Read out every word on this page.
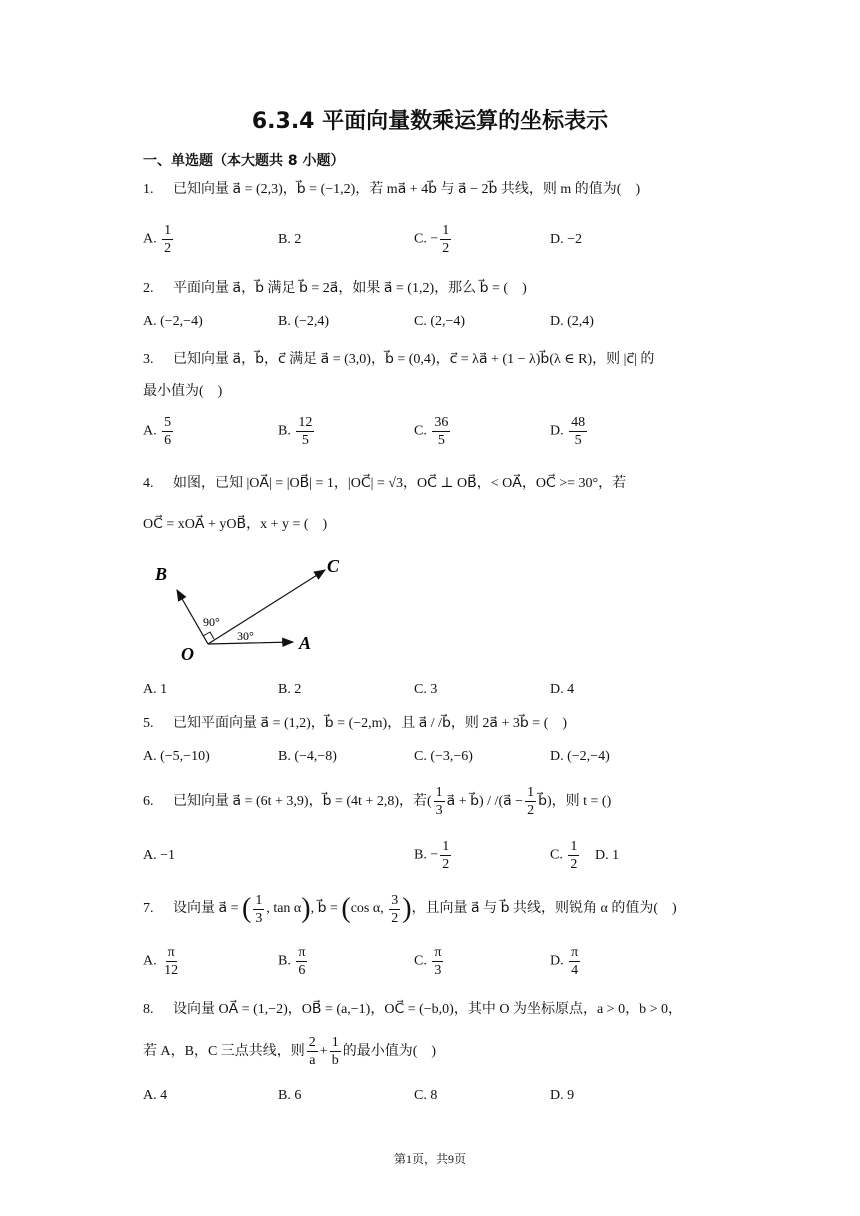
6.3.4 平面向量数乘运算的坐标表示
一、单选题（本大题共 8 小题）
1. 已知向量 a⃗ = (2,3)，b⃗ = (−1,2)，若 ma⃗ + 4b⃗ 与 a⃗ − 2b⃗ 共线，则 m 的值为(　)
A. $\frac{1}{2}$	B. 2	C. − $\frac{1}{2}$	D. −2
2. 平面向量 a⃗，b⃗ 满足 b⃗ = 2a⃗，如果 a⃗ = (1,2)，那么 b⃗ = (　)
A. (−2,−4)	B. (−2,4)	C. (2,−4)	D. (2,4)
3. 已知向量 a⃗，b⃗，c⃗ 满足 a⃗ = (3,0)，b⃗ = (0,4)，c⃗ = λa⃗ + (1 − λ)b⃗(λ ∈ R)，则 |c⃗| 的
最小值为(　)
A. $\frac{5}{6}$	B. $\frac{12}{5}$	C. $\frac{36}{5}$	D. $\frac{48}{5}$
4. 如图，已知 |OA⃗| = |OB⃗| = 1，|OC⃗| = √3，OC⃗ ⊥ OB⃗，< OA⃗，OC⃗ >= 30°，若
OC⃗ = xOA⃗ + yOB⃗，x + y = (　)
B	C
O
A
90°
30°
A. 1	B. 2	C. 3	D. 4
5. 已知平面向量 a⃗ = (1,2)，b⃗ = (−2,m)，且 a⃗ / /b⃗，则 2a⃗ + 3b⃗ = (　)
A. (−5,−10)	B. (−4,−8)	C. (−3,−6)	D. (−2,−4)
6. 已知向量 a⃗ = (6t + 3,9)，b⃗ = (4t + 2,8)，若( $\frac{1}{3}$ a⃗ + b⃗) / /(a⃗ − $\frac{1}{2}$ b⃗)，则 t = ()
A. −1	B. − $\frac{1}{2}$	C. $\frac{1}{2} D$. 1
7. 设向量 a⃗ = ( $\frac{1}{3}$ , tan α), b⃗ = (cos α, $\frac{3}{2}$ )，且向量 a⃗ 与 b⃗ 共线，则锐角 α 的值为(　)
A. $\frac{\pi}{12}$	B. $\frac{\pi}{6}$	C. $\frac{\pi}{3}$	D. $\frac{\pi}{4}$
8. 设向量 OA⃗ = (1,−2)，OB⃗ = (a,−1)，OC⃗ = (−b,0)，其中 O 为坐标原点，a > 0，b > 0，
若 A，B，C 三点共线，则 $\frac{2}{a} + \frac{1}{b}$ 的最小值为(　)
A. 4	B. 6	C. 8	D. 9
第1页，共9页
